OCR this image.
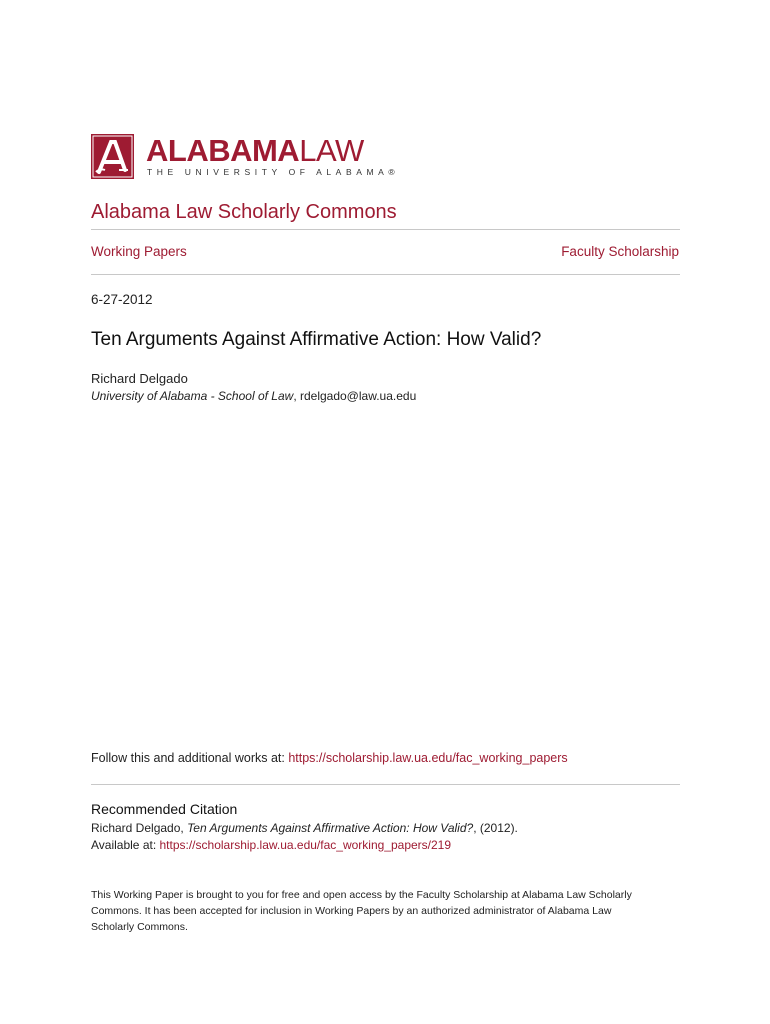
ALABAMALAW
THE UNIVERSITY OF ALABAMA®
Alabama Law Scholarly Commons
Working Papers	Faculty Scholarship
6-27-2012
Ten Arguments Against Affirmative Action: How Valid?
Richard Delgado
University of Alabama - School of Law, rdelgado@law.ua.edu
Follow this and additional works at: https://scholarship.law.ua.edu/fac_working_papers
Recommended Citation
Richard Delgado, Ten Arguments Against Affirmative Action: How Valid?, (2012).
Available at: https://scholarship.law.ua.edu/fac_working_papers/219
This Working Paper is brought to you for free and open access by the Faculty Scholarship at Alabama Law Scholarly Commons. It has been accepted for inclusion in Working Papers by an authorized administrator of Alabama Law Scholarly Commons.
